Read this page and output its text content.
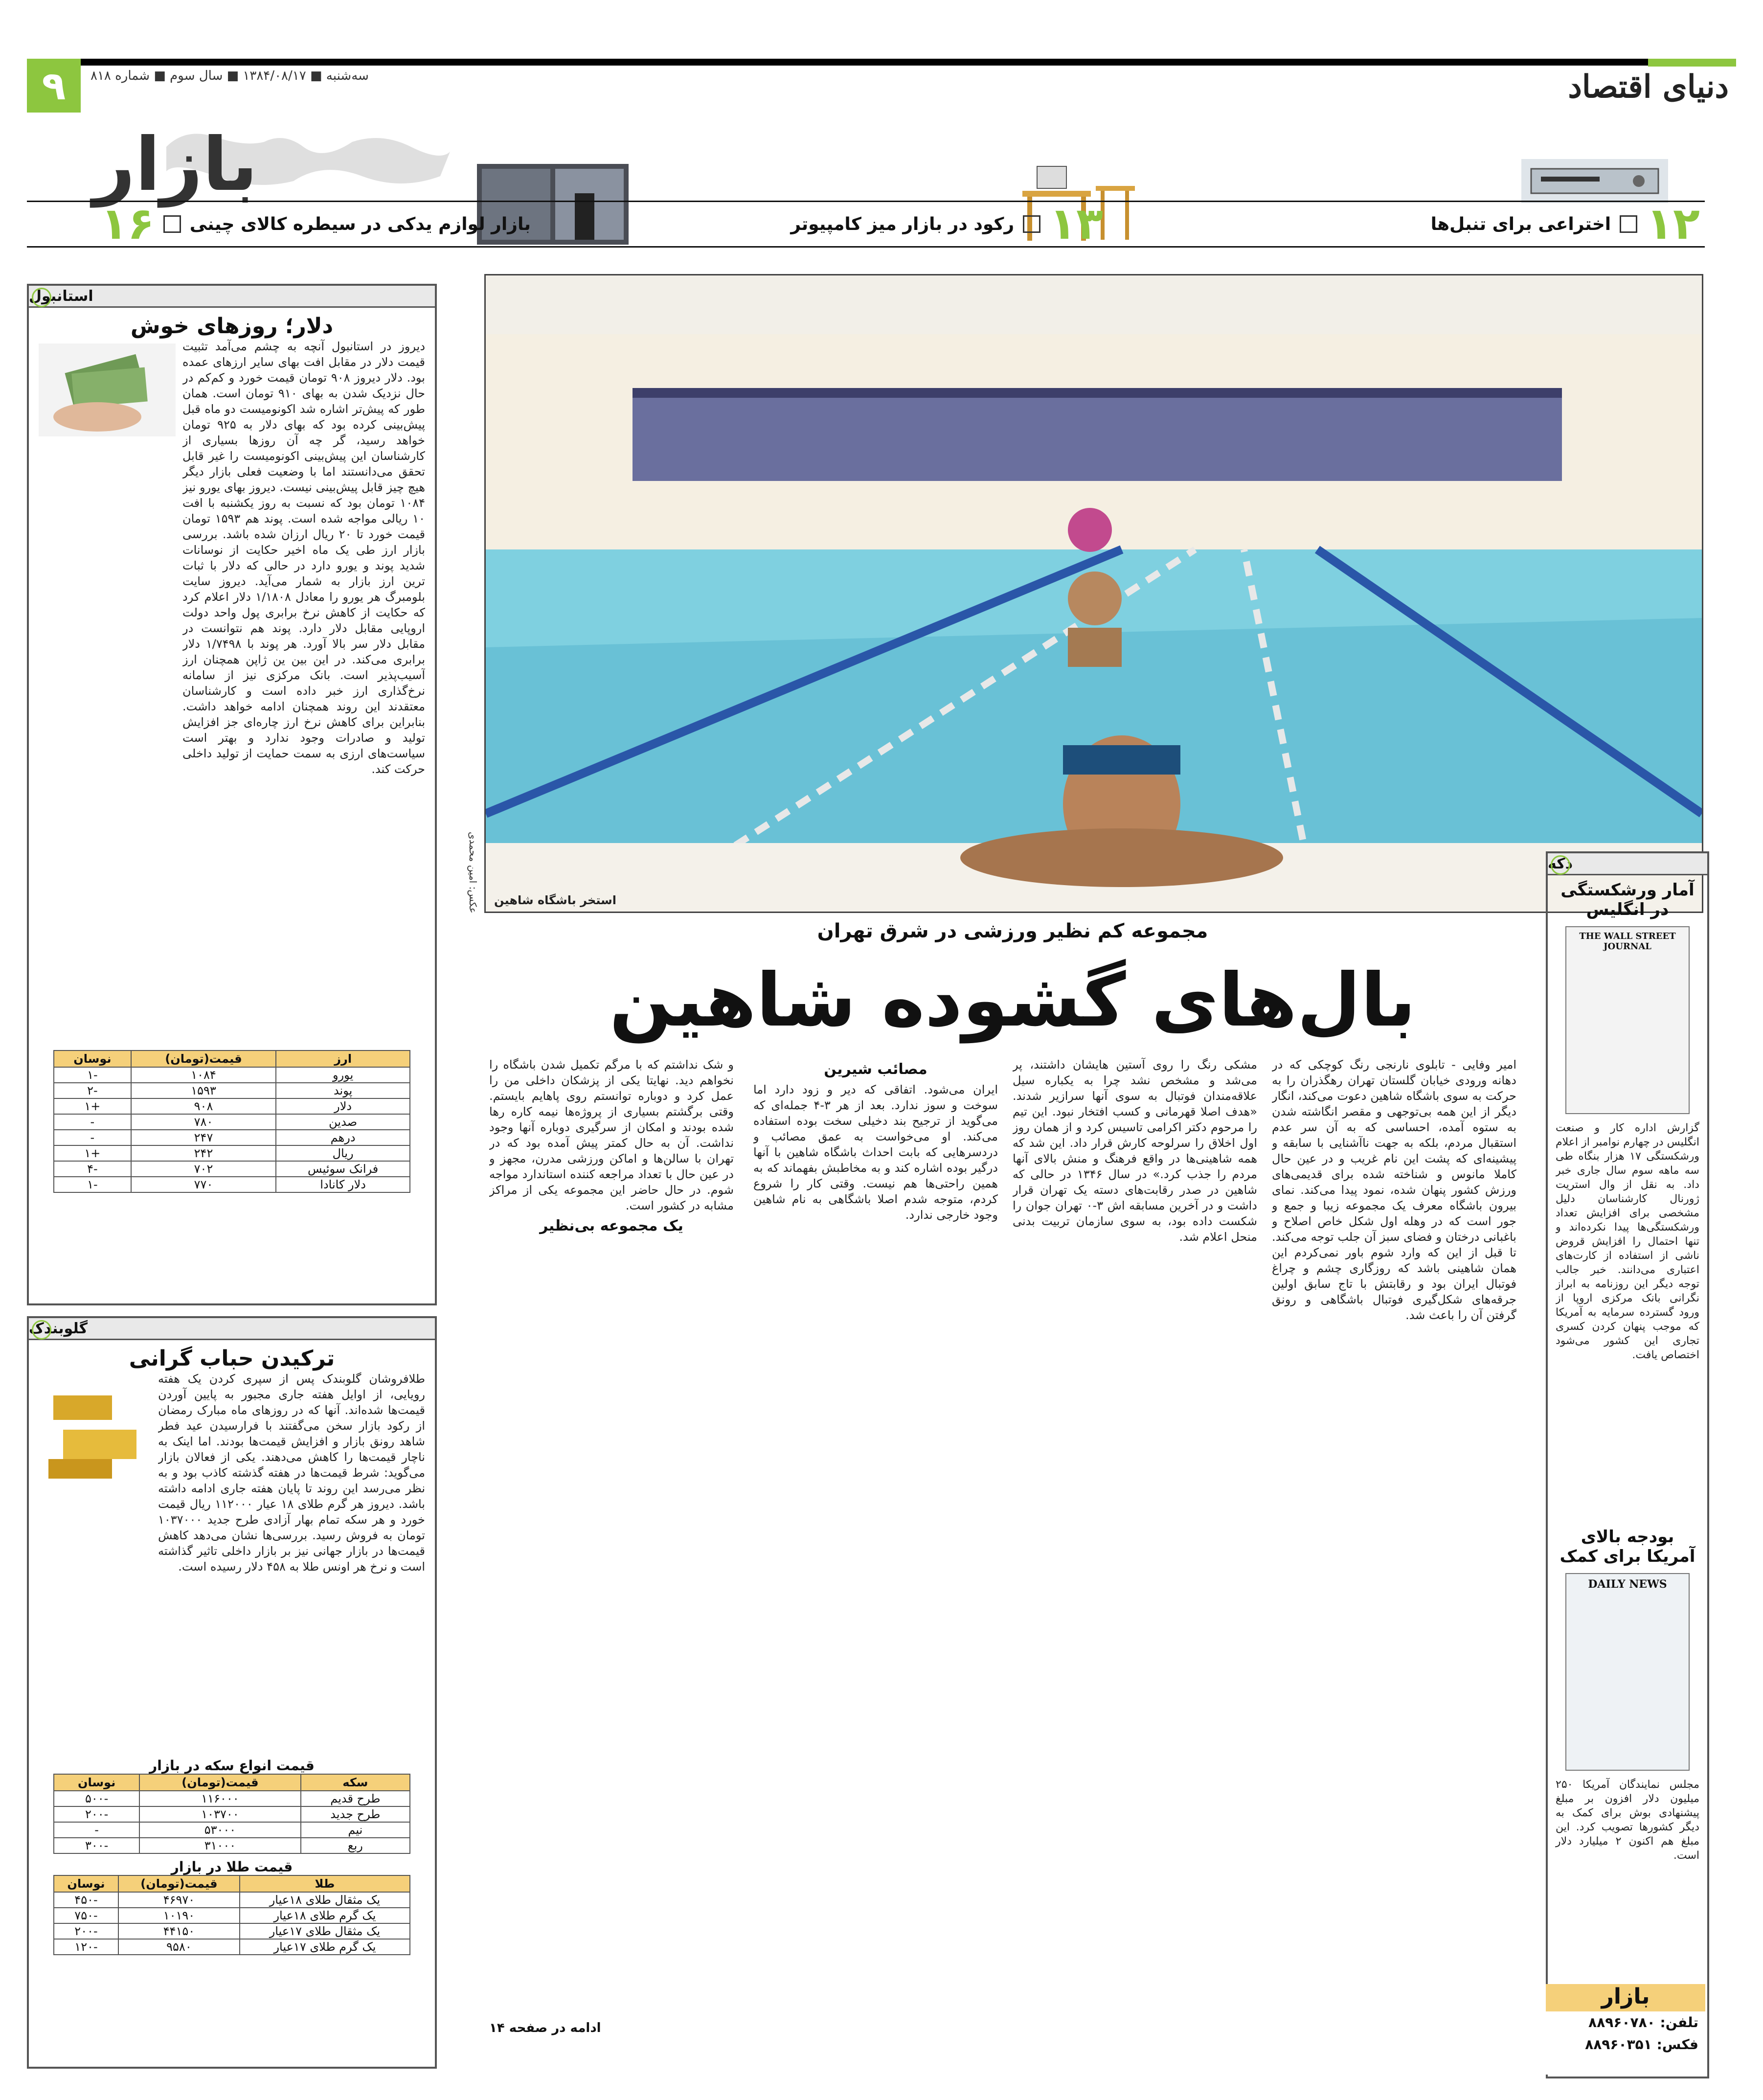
۹	سه‌شنبه ■ ۱۳۸۴/۰۸/۱۷ ■ سال سوم ■ شماره ۸۱۸	دنیای اقتصاد
بازار
۱۲
اختراعی برای تنبل‌ها
۱۳
رکود در بازار میز کامپیوتر
بازار لوازم یدکی در سیطره کالای چینی
۱۶
استانبول
دلار؛ روزهای خوش
دیروز در استانبول آنچه به چشم می‌آمد تثبیت قیمت دلار در مقابل افت بهای سایر ارزهای عمده بود. دلار دیروز ۹۰۸ تومان قیمت خورد و کم‌کم در حال نزدیک شدن به بهای ۹۱۰ تومان است. همان طور که پیش‌تر اشاره شد اکونومیست دو ماه قبل پیش‌بینی کرده بود که بهای دلار به ۹۲۵ تومان خواهد رسید، گر چه آن روزها بسیاری از کارشناسان این پیش‌بینی اکونومیست را غیر قابل تحقق می‌دانستند اما با وضعیت فعلی بازار دیگر هیچ چیز قابل پیش‌بینی نیست. دیروز بهای یورو نیز ۱۰۸۴ تومان بود که نسبت به روز یکشنبه با افت ۱۰ ریالی مواجه شده است. پوند هم ۱۵۹۳ تومان قیمت خورد تا ۲۰ ریال ارزان شده باشد. بررسی بازار ارز طی یک ماه اخیر حکایت از نوسانات شدید پوند و یورو دارد در حالی که دلار با ثبات ترین ارز بازار به شمار می‌آید. دیروز سایت بلومبرگ هر یورو را معادل ۱/۱۸۰۸ دلار اعلام کرد که حکایت از کاهش نرخ برابری پول واحد دولت اروپایی مقابل دلار دارد. پوند هم نتوانست در مقابل دلار سر بالا آورد. هر پوند با ۱/۷۴۹۸ دلار برابری می‌کند. در این بین ین ژاپن همچنان ارز آسیب‌پذیر است. بانک مرکزی نیز از سامانه نرخ‌گذاری ارز خبر داده است و کارشناسان معتقدند این روند همچنان ادامه خواهد داشت. بنابراین برای کاهش نرخ ارز چاره‌ای جز افزایش تولید و صادرات وجود ندارد و بهتر است سیاست‌های ارزی به سمت حمایت از تولید داخلی حرکت کند.
ارز	قیمت(تومان)	نوسان
یورو	۱۰۸۴	-۱
پوند	۱۵۹۳	-۲
دلار	۹۰۸	+۱
صدین	۷۸۰	-
درهم	۲۴۷	-
ریال	۲۴۲	+۱
فرانک سوئیس	۷۰۲	-۴
دلار کانادا	۷۷۰	-۱
گلوبندک
ترکیدن حباب گرانی
طلافروشان گلوبندک پس از سپری کردن یک هفته رویایی، از اوایل هفته جاری مجبور به پایین آوردن قیمت‌ها شده‌اند. آنها که در روزهای ماه مبارک رمضان از رکود بازار سخن می‌گفتند با فرارسیدن عید فطر شاهد رونق بازار و افزایش قیمت‌ها بودند. اما اینک به ناچار قیمت‌ها را کاهش می‌دهند. یکی از فعالان بازار می‌گوید: شرط قیمت‌ها در هفته گذشته کاذب بود و به نظر می‌رسد این روند تا پایان هفته جاری ادامه داشته باشد. دیروز هر گرم طلای ۱۸ عیار ۱۱۲۰۰۰ ریال قیمت خورد و هر سکه تمام بهار آزادی طرح جدید ۱۰۳۷۰۰۰ تومان به فروش رسید. بررسی‌ها نشان می‌دهد کاهش قیمت‌ها در بازار جهانی نیز بر بازار داخلی تاثیر گذاشته است و نرخ هر اونس طلا به ۴۵۸ دلار رسیده است.
قیمت انواع سکه در بازار
سکه	قیمت(تومان)	نوسان
طرح قدیم	۱۱۶۰۰۰	-۵۰۰
طرح جدید	۱۰۳۷۰۰	-۲۰۰
نیم	۵۳۰۰۰	-
ربع	۳۱۰۰۰	-۳۰۰
قیمت طلا در بازار
طلا	قیمت(تومان)	نوسان
یک مثقال طلای ۱۸عیار	۴۶۹۷۰	-۴۵۰
یک گرم طلای ۱۸عیار	۱۰۱۹۰	-۷۵۰
یک مثقال طلای ۱۷عیار	۴۴۱۵۰	-۲۰۰
یک گرم طلای ۱۷عیار	۹۵۸۰	-۱۲۰
عکس: امین محمدی استخر باشگاه شاهین
مجموعه کم نظیر ورزشی در شرق تهران
بال‌های گشوده شاهین
امیر وفایی - تابلوی نارنجی رنگ کوچکی که در دهانه ورودی خیابان گلستان تهران رهگذران را به حرکت به سوی باشگاه شاهین دعوت می‌کند، انگار دیگر از این همه بی‌توجهی و مقصر انگاشته شدن به ستوه آمده، احساسی که به آن سر عدم استقبال مردم، بلکه به جهت ناآشنایی با سابقه و پیشینه‌ای که پشت این نام غریب و در عین حال کاملا مانوس و شناخته شده برای قدیمی‌های ورزش کشور پنهان شده، نمود پیدا می‌کند. نمای بیرون باشگاه معرف یک مجموعه زیبا و جمع و جور است که در وهله اول شکل خاص اصلاح و باغبانی درختان و فضای سبز آن جلب توجه می‌کند. تا قبل از این که وارد شوم باور نمی‌کردم این همان شاهینی باشد که روزگاری چشم و چراغ فوتبال ایران بود و رقابتش با تاج سابق اولین جرقه‌های شکل‌گیری فوتبال باشگاهی و رونق گرفتن آن را باعث شد.
مشکی رنگ را روی آستین هایشان داشتند، پر می‌شد و مشخص نشد چرا به یکباره سیل علاقه‌مندان فوتبال به سوی آنها سرازیر شدند. «هدف اصلا قهرمانی و کسب افتخار نبود. این تیم را مرحوم دکتر اکرامی تاسیس کرد و از همان روز اول اخلاق را سرلوحه کارش قرار داد. این شد که همه شاهینی‌ها در واقع فرهنگ و منش بالای آنها مردم را جذب کرد.» در سال ۱۳۴۶ در حالی که شاهین در صدر رقابت‌های دسته یک تهران قرار داشت و در آخرین مسابقه اش ۳-۰ تهران جوان را شکست داده بود، به سوی سازمان تربیت بدنی منحل اعلام شد.
مصائب شیرین
ایران می‌شود. اتفاقی که دیر و زود دارد اما سوخت و سوز ندارد. بعد از هر ۳-۴ جمله‌ای که می‌گوید از ترجیح بند دخیلی سخت بوده استفاده می‌کند. او می‌خواست به عمق مصائب و دردسرهایی که بابت احداث باشگاه شاهین با آنها درگیر بوده اشاره کند و به مخاطبش بفهماند که به همین راحتی‌ها هم نیست. وقتی کار را شروع کردم، متوجه شدم اصلا باشگاهی به نام شاهین وجود خارجی ندارد.
و شک نداشتم که با مرگم تکمیل شدن باشگاه را نخواهم دید. نهایتا یکی از پزشکان داخلی من را عمل کرد و دوباره توانستم روی پاهایم بایستم. وقتی برگشتم بسیاری از پروژه‌ها نیمه کاره رها شده بودند و امکان از سرگیری دوباره آنها وجود نداشت. آن به حال کمتر پیش آمده بود که در تهران با سالن‌ها و اماکن ورزشی مدرن، مجهز و در عین حال با تعداد مراجعه کننده استاندارد مواجه شوم. در حال حاضر این مجموعه یکی از مراکز مشابه در کشور است.
یک مجموعه بی‌نظیر
ادامه در صفحه ۱۴
دکه
آمار ورشکستگی در انگلیس
THE WALL STREET JOURNAL
گزارش اداره کار و صنعت انگلیس در چهارم نوامبر از اعلام ورشکستگی ۱۷ هزار بنگاه طی سه ماهه سوم سال جاری خبر داد. به نقل از وال استریت ژورنال کارشناسان دلیل مشخصی برای افزایش تعداد ورشکستگی‌ها پیدا نکرده‌اند و تنها احتمال را افزایش قروض ناشی از استفاده از کارت‌های اعتباری می‌دانند. خبر جالب توجه دیگر این روزنامه به ابراز نگرانی بانک مرکزی اروپا از ورود گسترده سرمایه به آمریکا که موجب پنهان کردن کسری تجاری این کشور می‌شود اختصاص یافت.
بودجه بالای آمریکا برای کمک
DAILY NEWS
مجلس نمایندگان آمریکا ۲۵۰ میلیون دلار افزون بر مبلغ پیشنهادی بوش برای کمک به دیگر کشورها تصویب کرد. این مبلغ هم اکنون ۲ میلیارد دلار است.
بازار
تلفن: ۸۸۹۶۰۷۸۰
فکس: ۸۸۹۶۰۳۵۱
